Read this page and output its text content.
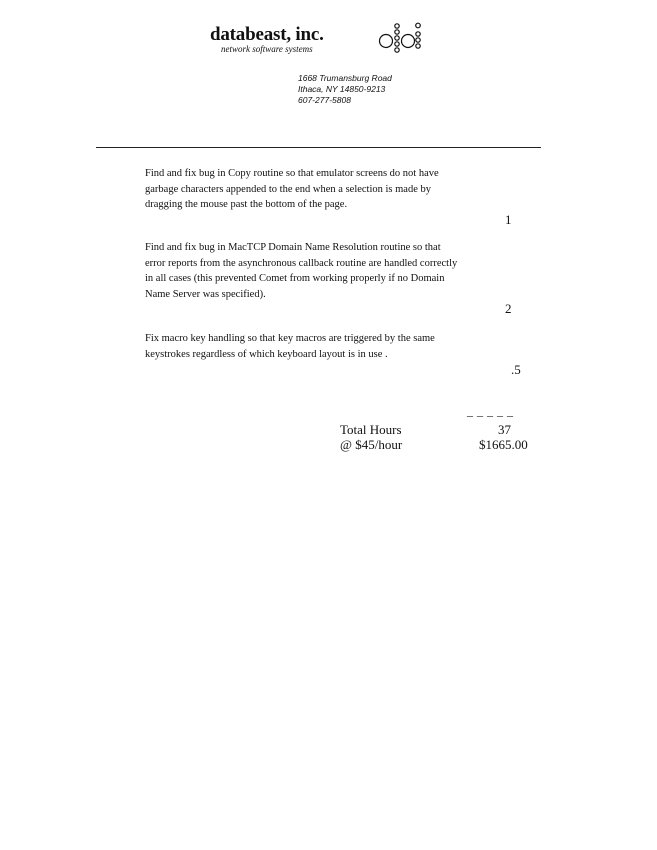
databeast, inc.
network software systems
1668 Trumansburg Road
Ithaca, NY 14850-9213
607-277-5808
Find and fix bug in Copy routine so that emulator screens do not have
garbage characters appended to the end when a selection is made by
dragging the mouse past the bottom of the page.
1
Find and fix bug in MacTCP Domain Name Resolution routine so that
error reports from the asynchronous callback routine are handled correctly
in all cases (this prevented Comet from working properly if no Domain
Name Server was specified).
2
Fix macro key handling so that key macros are triggered by the same
keystrokes regardless of which keyboard layout is in use .
.5
_ _ _ _ _
Total Hours	37
@ $45/hour	$1665.00
